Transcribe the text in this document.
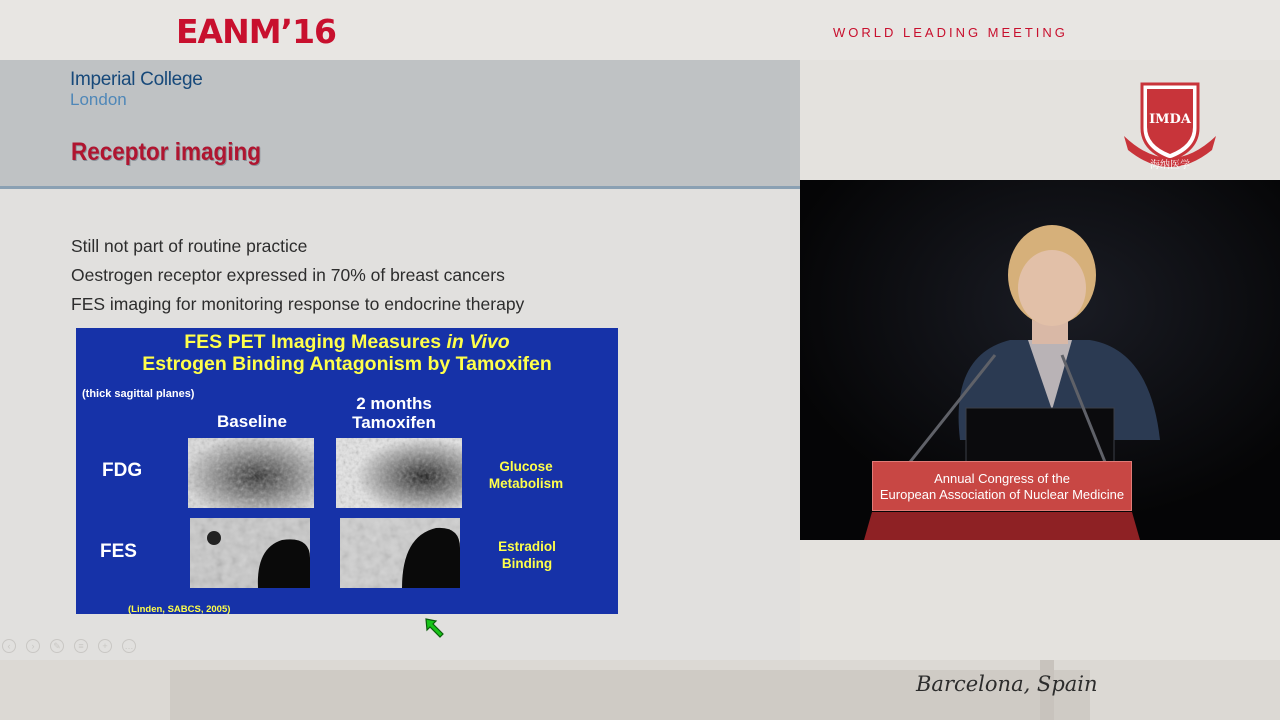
EANM’16	WORLD LEADING MEETING
IMDA
海纳医学
Imperial College
London
Receptor imaging
Still not part of routine practice
Oestrogen receptor expressed in 70% of breast cancers
FES imaging for monitoring response to endocrine therapy
FES PET Imaging Measures in Vivo
Estrogen Binding Antagonism by Tamoxifen
(thick sagittal planes)
Baseline
2 months
Tamoxifen
FDG
FES
Glucose
Metabolism
Estradiol
Binding
(Linden, SABCS, 2005)
‹	›	✎	≡	+	…
Annual Congress of the
European Association of Nuclear Medicine
Barcelona, Spain
